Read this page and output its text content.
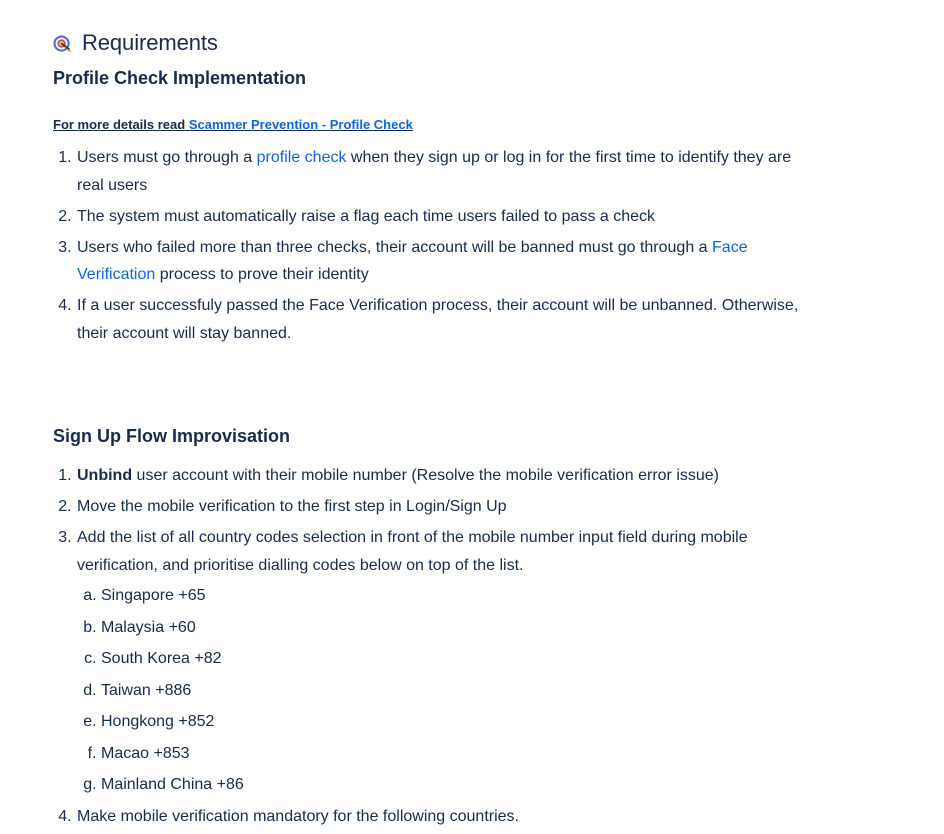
Requirements
Profile Check Implementation
For more details read Scammer Prevention - Profile Check
1. Users must go through a profile check when they sign up or log in for the first time to identify they are real users
2. The system must automatically raise a flag each time users failed to pass a check
3. Users who failed more than three checks, their account will be banned must go through a Face Verification process to prove their identity
4. If a user successfuly passed the Face Verification process, their account will be unbanned. Otherwise, their account will stay banned.
Sign Up Flow Improvisation
1. Unbind user account with their mobile number (Resolve the mobile verification error issue)
2. Move the mobile verification to the first step in Login/Sign Up
3. Add the list of all country codes selection in front of the mobile number input field during mobile verification, and prioritise dialling codes below on top of the list.
a. Singapore +65
b. Malaysia +60
c. South Korea +82
d. Taiwan +886
e. Hongkong +852
f. Macao +853
g. Mainland China +86
4. Make mobile verification mandatory for the following countries.
